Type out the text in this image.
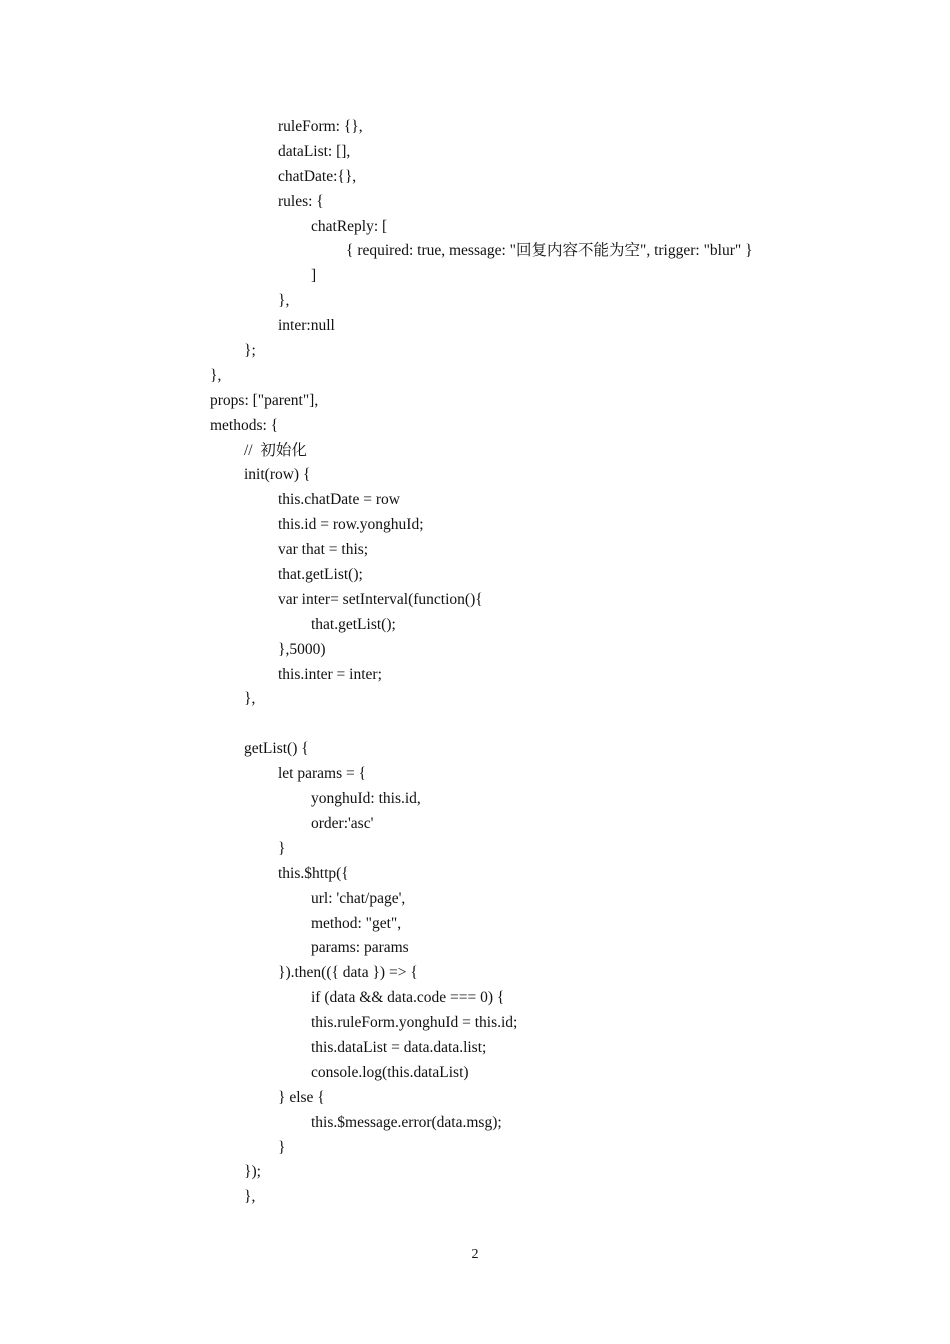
ruleForm: {},
dataList: [],
chatDate:{},
rules: {
chatReply: [
{ required: true, message: "回复内容不能为空", trigger: "blur" }
]
},
inter:null
};
},
props: ["parent"],
methods: {
//  初始化
init(row) {
this.chatDate = row
this.id = row.yonghuId;
var that = this;
that.getList();
var inter= setInterval(function(){
that.getList();
},5000)
this.inter = inter;
},
getList() {
let params = {
yonghuId: this.id,
order:'asc'
}
this.$http({
url: 'chat/page',
method: "get",
params: params
}).then(({ data }) => {
if (data && data.code === 0) {
this.ruleForm.yonghuId = this.id;
this.dataList = data.data.list;
console.log(this.dataList)
} else {
this.$message.error(data.msg);
}
});
},
2
